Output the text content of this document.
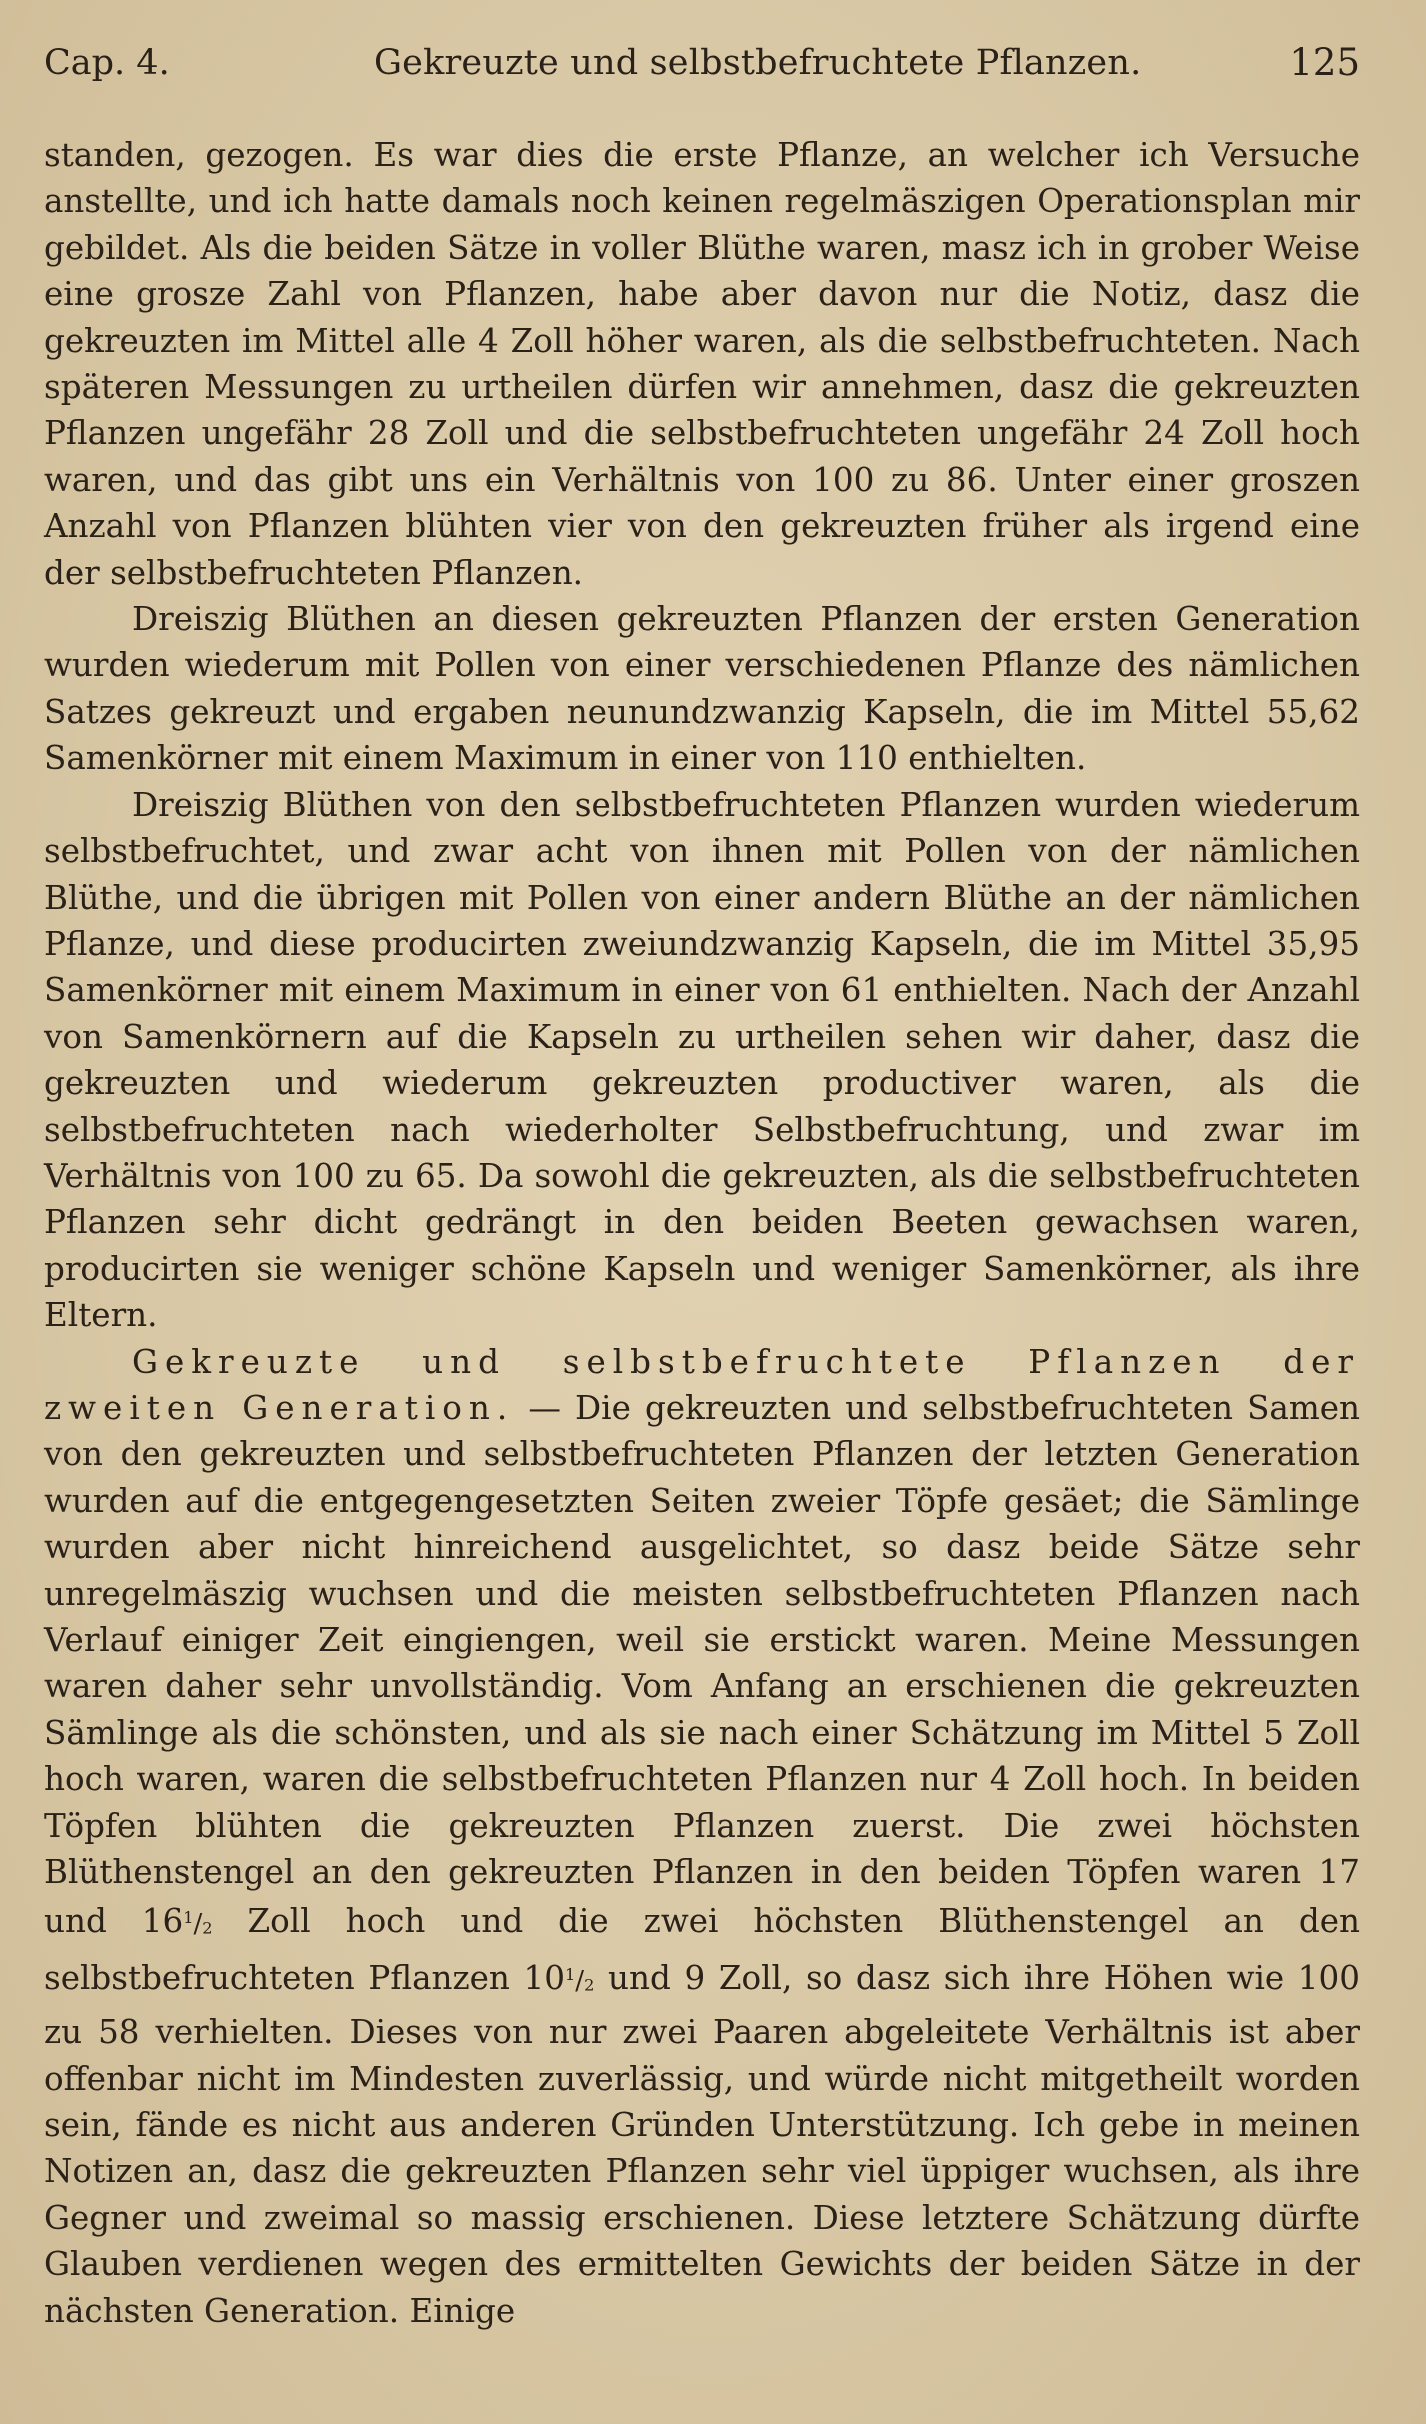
Cap. 4.	Gekreuzte und selbstbefruchtete Pflanzen.	125

standen, gezogen. Es war dies die erste Pflanze, an welcher ich Versuche anstellte, und ich hatte damals noch keinen regelmäszigen Operationsplan mir gebildet. Als die beiden Sätze in voller Blüthe waren, masz ich in grober Weise eine grosze Zahl von Pflanzen, habe aber davon nur die Notiz, dasz die gekreuzten im Mittel alle 4 Zoll höher waren, als die selbstbefruchteten. Nach späteren Messungen zu urtheilen dürfen wir annehmen, dasz die gekreuzten Pflanzen ungefähr 28 Zoll und die selbstbefruchteten ungefähr 24 Zoll hoch waren, und das gibt uns ein Verhältnis von 100 zu 86. Unter einer groszen Anzahl von Pflanzen blühten vier von den gekreuzten früher als irgend eine der selbstbefruchteten Pflanzen.

Dreiszig Blüthen an diesen gekreuzten Pflanzen der ersten Generation wurden wiederum mit Pollen von einer verschiedenen Pflanze des nämlichen Satzes gekreuzt und ergaben neunundzwanzig Kapseln, die im Mittel 55,62 Samenkörner mit einem Maximum in einer von 110 enthielten.

Dreiszig Blüthen von den selbstbefruchteten Pflanzen wurden wiederum selbstbefruchtet, und zwar acht von ihnen mit Pollen von der nämlichen Blüthe, und die übrigen mit Pollen von einer andern Blüthe an der nämlichen Pflanze, und diese producirten zweiundzwanzig Kapseln, die im Mittel 35,95 Samenkörner mit einem Maximum in einer von 61 enthielten. Nach der Anzahl von Samenkörnern auf die Kapseln zu urtheilen sehen wir daher, dasz die gekreuzten und wiederum gekreuzten productiver waren, als die selbstbefruchteten nach wiederholter Selbstbefruchtung, und zwar im Verhältnis von 100 zu 65. Da sowohl die gekreuzten, als die selbstbefruchteten Pflanzen sehr dicht gedrängt in den beiden Beeten gewachsen waren, producirten sie weniger schöne Kapseln und weniger Samenkörner, als ihre Eltern.

Gekreuzte und selbstbefruchtete Pflanzen der zweiten Generation. — Die gekreuzten und selbstbefruchteten Samen von den gekreuzten und selbstbefruchteten Pflanzen der letzten Generation wurden auf die entgegengesetzten Seiten zweier Töpfe gesäet; die Sämlinge wurden aber nicht hinreichend ausgelichtet, so dasz beide Sätze sehr unregelmäszig wuchsen und die meisten selbstbefruchteten Pflanzen nach Verlauf einiger Zeit eingiengen, weil sie erstickt waren. Meine Messungen waren daher sehr unvollständig. Vom Anfang an erschienen die gekreuzten Sämlinge als die schönsten, und als sie nach einer Schätzung im Mittel 5 Zoll hoch waren, waren die selbstbefruchteten Pflanzen nur 4 Zoll hoch. In beiden Töpfen blühten die gekreuzten Pflanzen zuerst. Die zwei höchsten Blüthenstengel an den gekreuzten Pflanzen in den beiden Töpfen waren 17 und $16^1/_2$ Zoll hoch und die zwei höchsten Blüthenstengel an den selbstbefruchteten Pflanzen $10^1/_2$ und 9 Zoll, so dasz sich ihre Höhen wie 100 zu 58 verhielten. Dieses von nur zwei Paaren abgeleitete Verhältnis ist aber offenbar nicht im Mindesten zuverlässig, und würde nicht mitgetheilt worden sein, fände es nicht aus anderen Gründen Unterstützung. Ich gebe in meinen Notizen an, dasz die gekreuzten Pflanzen sehr viel üppiger wuchsen, als ihre Gegner und zweimal so massig erschienen. Diese letztere Schätzung dürfte Glauben verdienen wegen des ermittelten Gewichts der beiden Sätze in der nächsten Generation. Einige
